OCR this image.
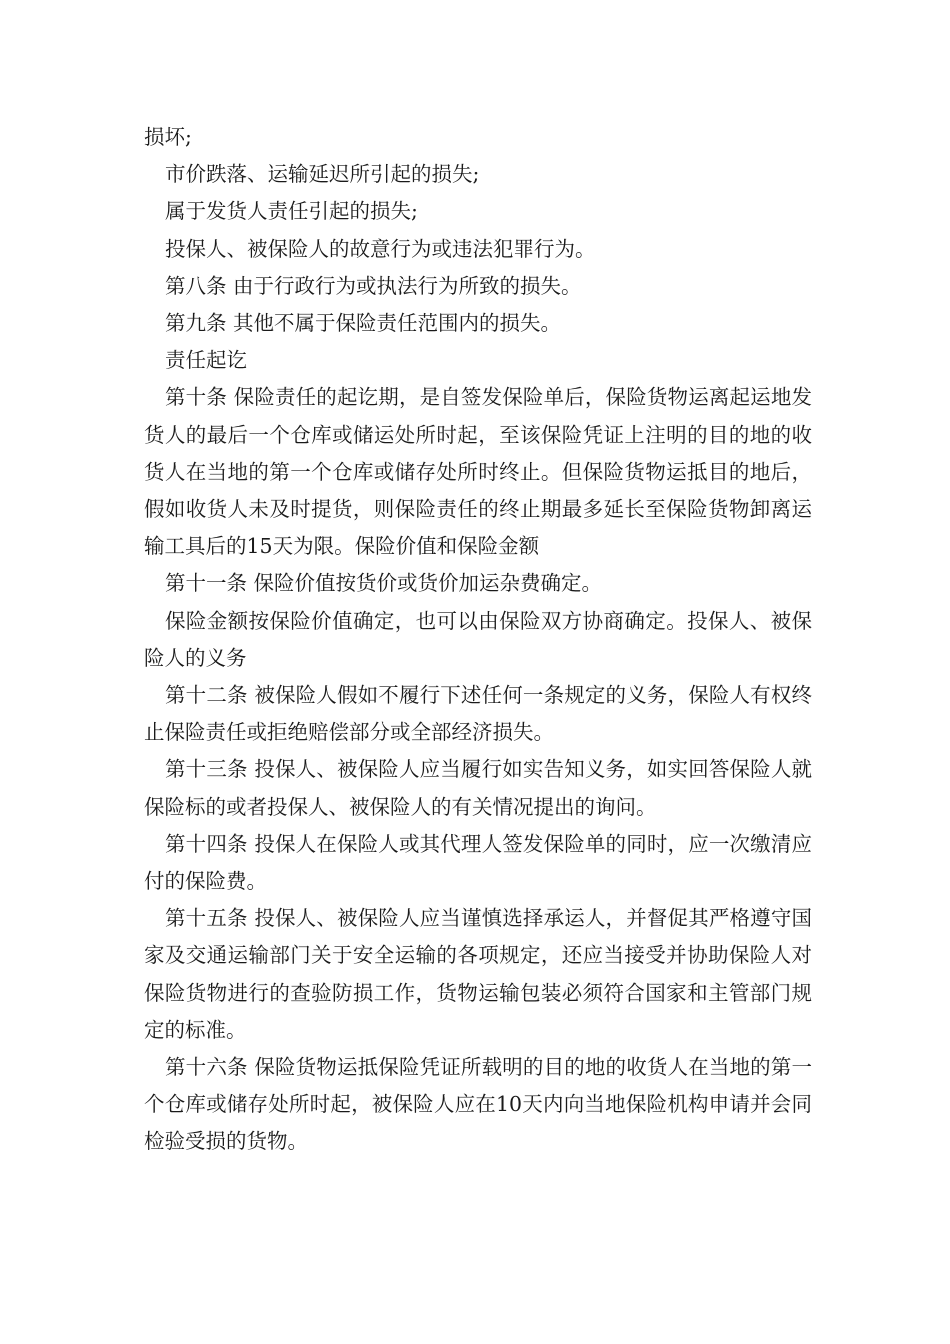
损坏;

市价跌落、运输延迟所引起的损失;

属于发货人责任引起的损失;

投保人、被保险人的故意行为或违法犯罪行为。

第八条 由于行政行为或执法行为所致的损失。

第九条 其他不属于保险责任范围内的损失。

责任起讫

第十条 保险责任的起讫期，是自签发保险单后，保险货物运离起运地发货人的最后一个仓库或储运处所时起，至该保险凭证上注明的目的地的收货人在当地的第一个仓库或储存处所时终止。但保险货物运抵目的地后，假如收货人未及时提货，则保险责任的终止期最多延长至保险货物卸离运输工具后的15天为限。保险价值和保险金额

第十一条 保险价值按货价或货价加运杂费确定。

保险金额按保险价值确定，也可以由保险双方协商确定。投保人、被保险人的义务

第十二条 被保险人假如不履行下述任何一条规定的义务，保险人有权终止保险责任或拒绝赔偿部分或全部经济损失。

第十三条 投保人、被保险人应当履行如实告知义务，如实回答保险人就保险标的或者投保人、被保险人的有关情况提出的询问。

第十四条 投保人在保险人或其代理人签发保险单的同时，应一次缴清应付的保险费。

第十五条 投保人、被保险人应当谨慎选择承运人，并督促其严格遵守国家及交通运输部门关于安全运输的各项规定，还应当接受并协助保险人对保险货物进行的查验防损工作，货物运输包装必须符合国家和主管部门规定的标准。

第十六条 保险货物运抵保险凭证所载明的目的地的收货人在当地的第一个仓库或储存处所时起，被保险人应在10天内向当地保险机构申请并会同检验受损的货物。
